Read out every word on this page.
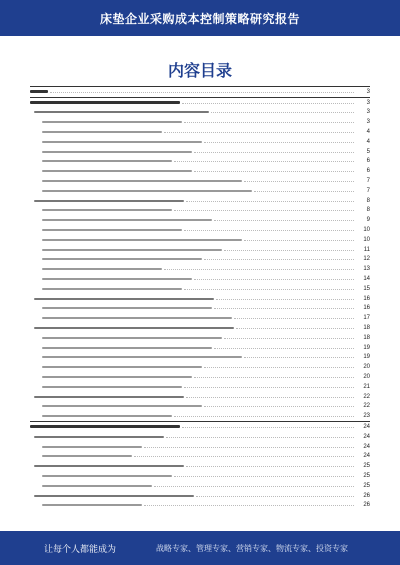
床垫企业采购成本控制策略研究报告
内容目录
3
3
3
3
4
4
5
6
6
7
7
8
8
9
10
10
11
12
13
14
15
16
16
17
18
18
19
19
20
20
21
22
22
23
24
24
24
24
25
25
25
26
26
让每个人都能成为	战略专家、管理专家、营销专家、物流专家、投资专家
